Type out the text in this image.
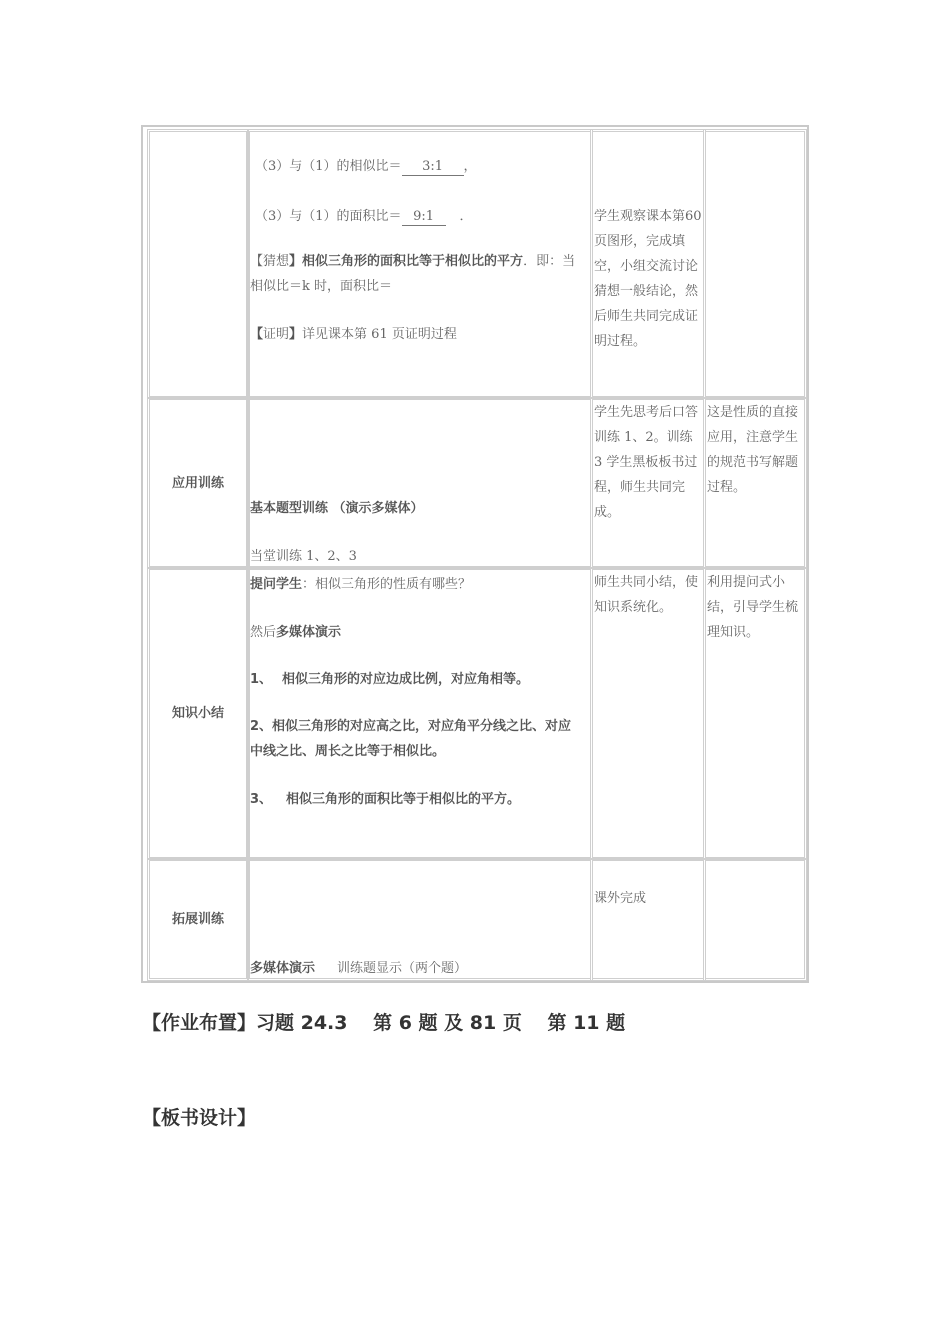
（3）与（1）的相似比＝ 3:1 ，
（3）与（1）的面积比＝ 9:1 ．
【猜想】相似三角形的面积比等于相似比的平方．即：当
相似比＝k 时，面积比＝
【证明】详见课本第 61 页证明过程
学生观察课本第60 页图形，完成填空，小组交流讨论猜想一般结论，然后师生共同完成证明过程。
应用训练
基本题型训练 （演示多媒体）
当堂训练 1、2、3
学生先思考后口答训练 1、2。训练 3 学生黑板板书过程，师生共同完成。
这是性质的直接应用，注意学生的规范书写解题过程。
知识小结
提问学生：相似三角形的性质有哪些？
然后多媒体演示
1、 相似三角形的对应边成比例，对应角相等。
2、相似三角形的对应高之比，对应角平分线之比、对应
中线之比、周长之比等于相似比。
3、 相似三角形的面积比等于相似比的平方。
师生共同小结，使知识系统化。
利用提问式小结，引导学生梳理知识。
拓展训练
多媒体演示 训练题显示（两个题）
课外完成
【作业布置】习题 24.3　 第 6 题 及 81 页　 第 11 题
【板书设计】
